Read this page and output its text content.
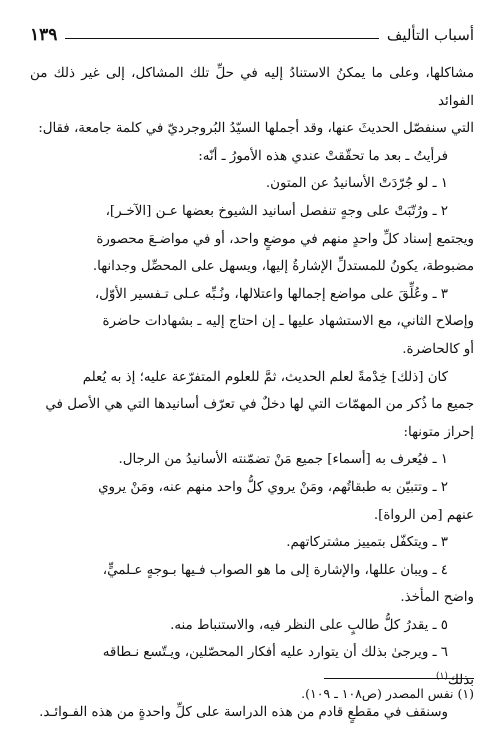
أسباب التأليف
١٣٩

مشاكلها، وعلى ما يمكنُ الاستنادُ إليه في حلِّ تلك المشاكل، إلى غير ذلك من الفوائد

التي سنفصّل الحديثَ عنها، وقد أجملها السيّدُ البُروجرديّ في كلمة جامعة، فقال:

فرأيتُ ـ بعد ما تحقّقتْ عندي هذه الأمورُ ـ أنّه:

١ ـ لو جُرّدَتْ الأسانيدُ عن المتون.

٢ ـ ورُتّبَتْ على وجهٍ تنفصل أسانيد الشيوخ بعضها عـن [الآخـر]،

ويجتمع إسناد كلِّ واحدٍ منهم في موضعٍ واحد، أو في مواضـعَ محصورة

مضبوطة، يكونُ للمستدلِّ الإشارةُ إليها، ويسهل على المحصِّل وجدانها.

٣ ـ وعُلِّقَ على مواضع إجمالها واعتلالها، ونُـبِّه عـلى تـفسير الأوّل،

وإصلاح الثاني، مع الاستشهاد عليها ـ إن احتاج إليه ـ بشهادات حاضرة

أو كالحاضرة.

كان [ذلك] خِدْمةً لعلم الحديث، ثمَّ للعلوم المتفرّعة عليه؛ إذ به يُعلم

جميع ما ذُكر من المهمّات التي لها دخلٌ في تعرّف أسانيدها التي هي الأصل في

إحراز متونها:

١ ـ فيُعرف به [أسماء] جميع مَنْ تضمّنته الأسانيدُ من الرجال.

٢ ـ وتتبيّن به طبقاتُهم، ومَنْ يروي كلُّ واحد منهم عنه، ومَنْ يروي

عنهم [من الرواة].

٣ ـ ويتكفّل بتمييز مشتركاتهم.

٤ ـ ويبان عللها، والإشارة إلى ما هو الصواب فـيها بـوجهٍ عـلميٍّ،

واضح المأخذ.

٥ ـ يقدرُ كلُّ طالبٍ على النظر فيه، والاستنباط منه.

٦ ـ ويرجىٰ بذلك أن يتوارد عليه أفكار المحصّلين، ويـتّسع نـطاقه

بذلك$^{(١)}$

وسنقف في مقطعٍ قادم من هذه الدراسة على كلِّ واحدةٍ من هذه الفـوائـد.

(١) نفس المصدر (ص١٠٨ ـ ١٠٩).
